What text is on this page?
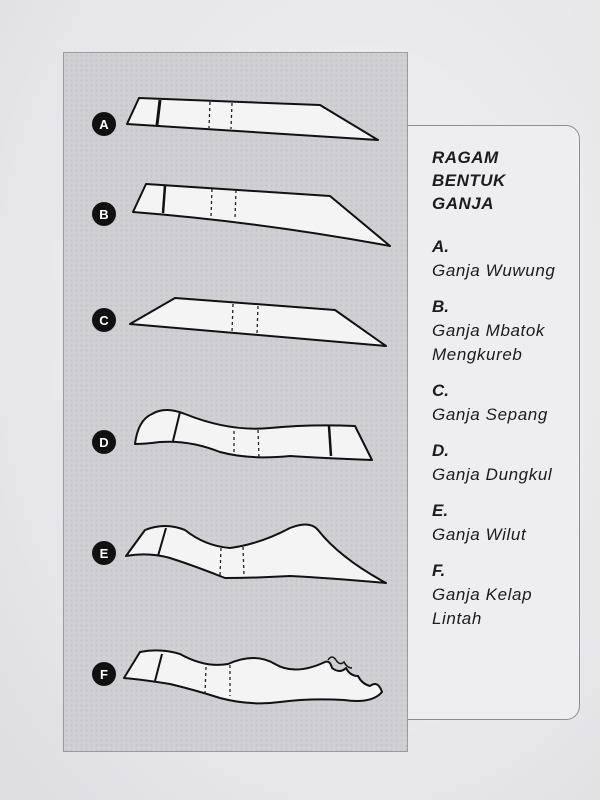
A
B
C
D
E
F
RAGAM
BENTUK
GANJA
A.
Ganja Wuwung
B.
Ganja Mbatok
Mengkureb
C.
Ganja Sepang
D.
Ganja Dungkul
E.
Ganja Wilut
F.
Ganja Kelap
Lintah
